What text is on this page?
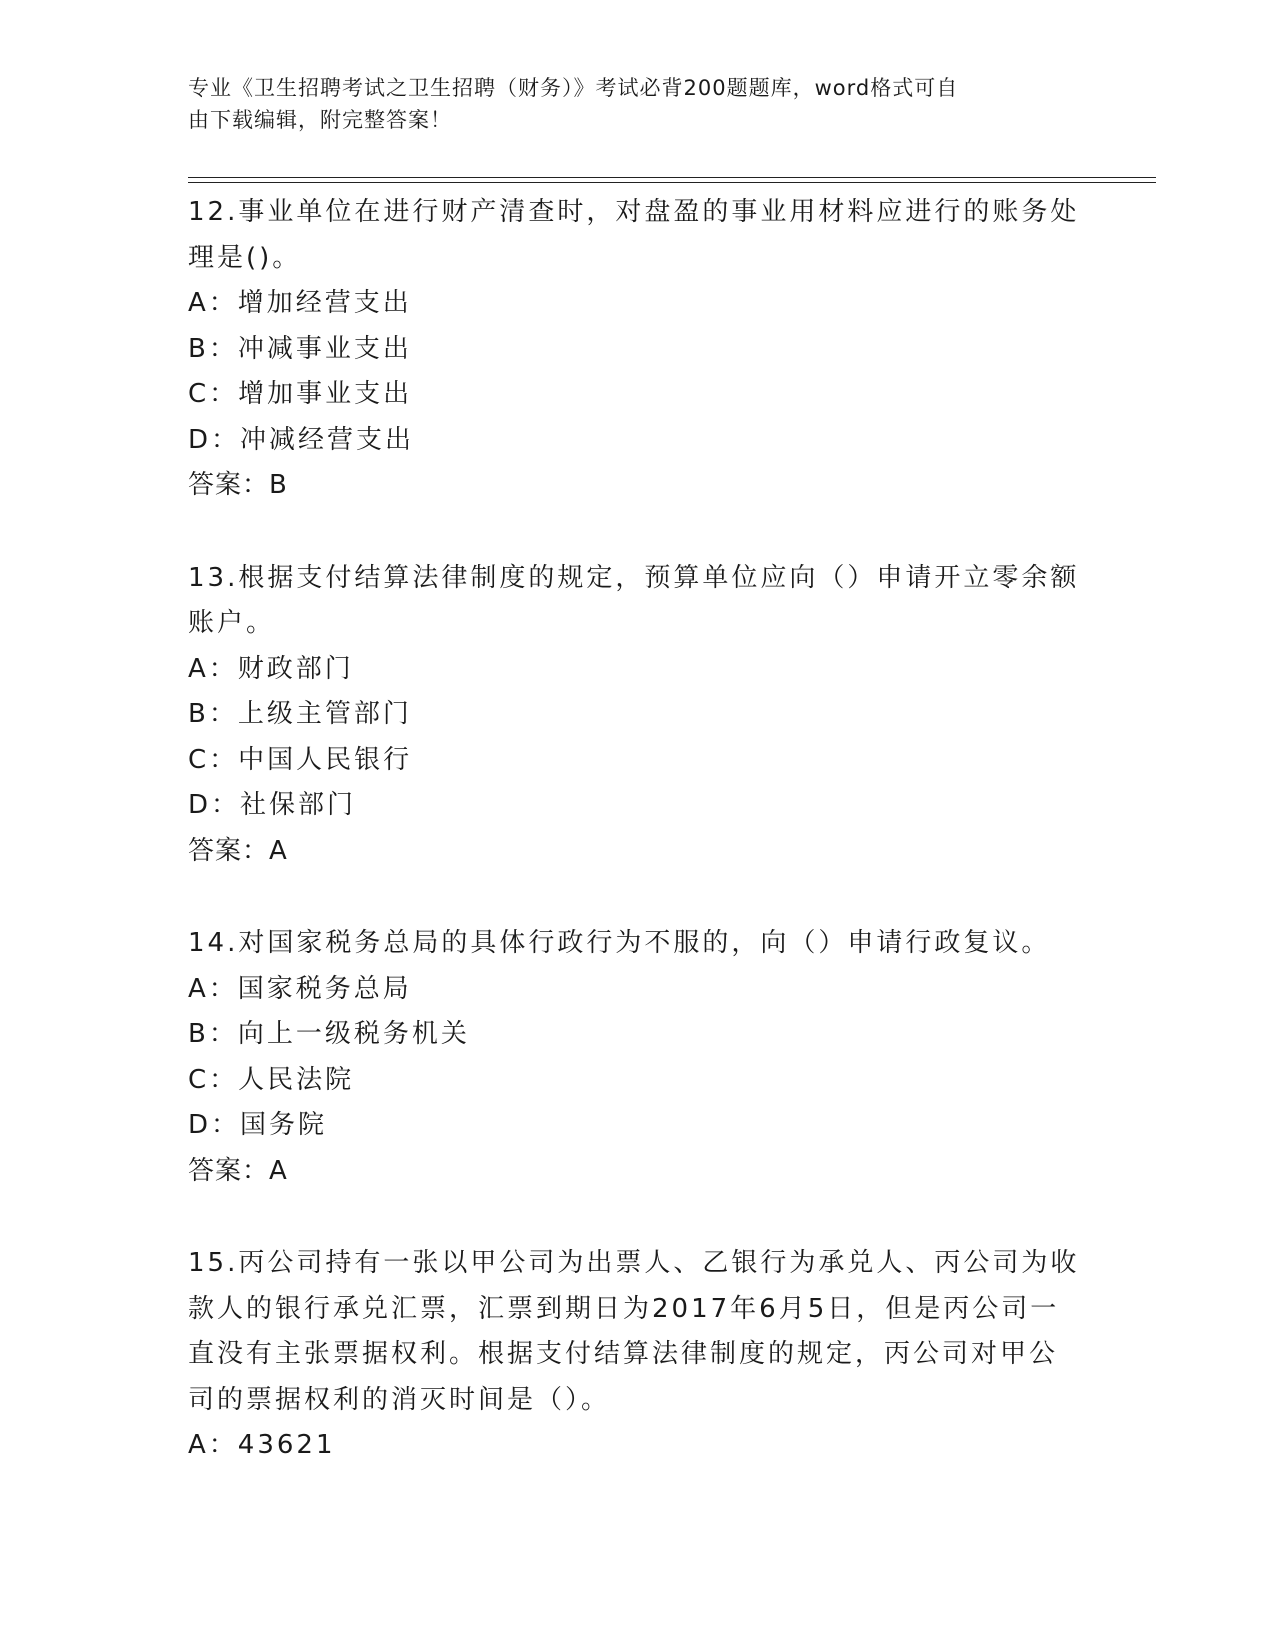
专业《卫生招聘考试之卫生招聘（财务）》考试必背200题题库，word格式可自
由下载编辑，附完整答案！

12.事业单位在进行财产清查时，对盘盈的事业用材料应进行的账务处

理是()。

A：增加经营支出

B：冲减事业支出

C：增加事业支出

D：冲减经营支出

答案：B

13.根据支付结算法律制度的规定，预算单位应向（）申请开立零余额

账户。

A：财政部门

B：上级主管部门

C：中国人民银行

D：社保部门

答案：A

14.对国家税务总局的具体行政行为不服的，向（）申请行政复议。

A：国家税务总局

B：向上一级税务机关

C：人民法院

D：国务院

答案：A

15.丙公司持有一张以甲公司为出票人、乙银行为承兑人、丙公司为收

款人的银行承兑汇票，汇票到期日为2017年6月5日，但是丙公司一

直没有主张票据权利。根据支付结算法律制度的规定，丙公司对甲公

司的票据权利的消灭时间是（）。

A：43621
